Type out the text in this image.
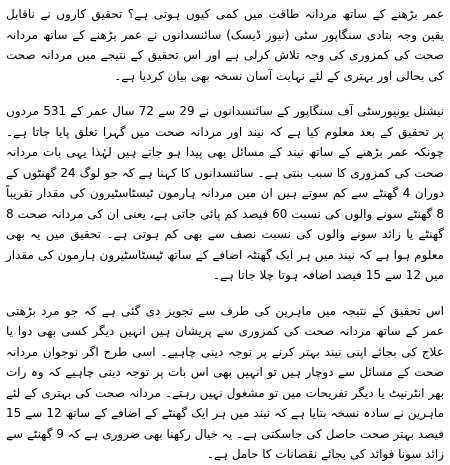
عمر بڑھنے کے ساتھ مردانہ طاقت میں کمی کیوں ہوتی ہے؟ تحقیق کاروں نے ناقابل یقین وجہ بتادی سنگاپور سٹی (نیوز ڈیسک) سائنسدانوں نے عمر بڑھنے کے ساتھ مردانہ صحت کی کمزوری کی وجہ تلاش کرلی ہے اور اس تحقیق کے نتیجے میں مردانہ صحت کی بحالی اور بہتری کے لئے نہایت آسان نسخہ بھی بیان کردیا ہے۔

نیشنل یونیورسٹی آف سنگاپور کے سائنسدانوں نے 29 سے 72 سال عمر کے 531 مردوں پر تحقیق کے بعد معلوم کیا ہے کہ نیند اور مردانہ صحت میں گہرا تعلق پایا جاتا ہے۔ چونکہ عمر بڑھنے کے ساتھ نیند کے مسائل بھی پیدا ہو جاتے ہیں لہٰذا یہی بات مردانہ صحت کی کمزوری کا سبب بنتی ہے۔ سائنسدانوں کا کہنا ہے کہ جو لوگ 24 گھنٹوں کے دوران 4 گھنٹے سے کم سوتے ہیں ان میں مردانہ ہارمون ٹیسٹاسٹیرون کی مقدار تقریباً 8 گھنٹے سونے والوں کی نسبت 60 فیصد کم پائی جاتی ہے، یعنی ان کی مردانہ صحت 8 گھنٹے یا زائد سونے والوں کی نسبت نصف سے بھی کم ہوتی ہے۔ تحقیق میں یہ بھی معلوم ہوا ہے کہ نیند میں ہر ایک گھنٹہ اضافے کے ساتھ ٹیسٹاسٹیرون ہارمون کی مقدار میں 12 سے 15 فیصد اضافہ ہوتا چلا جاتا ہے۔

اس تحقیق کے نتیجہ میں ماہرین کی طرف سے تجویز دی گئی ہے کہ جو مرد بڑھتی عمر کے ساتھ مردانہ صحت کی کمزوری سے پریشان ہیں انہیں دیگر کسی بھی دوا یا علاج کی بجائے اپنی نیند بہتر کرنے پر توجہ دینی چاہیے۔ اسی طرح اگر نوجوان مردانہ صحت کے مسائل سے دوچار ہیں تو انہیں بھی اس بات پر توجہ دینی چاہیے کہ وہ رات بھر انٹرنیٹ یا دیگر تفریحات میں تو مشغول نہیں رہتے۔ مردانہ صحت کی بہتری کے لئے ماہرین نے سادہ نسخہ بتایا ہے کہ نیند میں ہر ایک گھنٹے کے اضافے کے ساتھ 12 سے 15 فیصد بہتر صحت حاصل کی جاسکتی ہے۔ یہ خیال رکھنا بھی ضروری ہے کہ 9 گھنٹے سے زائد سونا فوائد کی بجائے نقصانات کا حامل ہے۔
